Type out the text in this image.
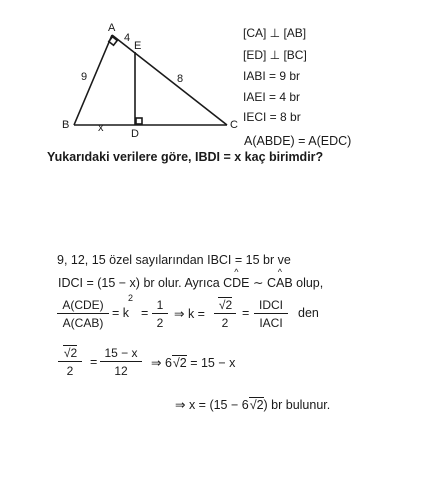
A
B	C
D
E
4
9	8
x
[CA] ⊥ [AB]
[ED] ⊥ [BC]
IABI = 9 br
IAEI = 4 br
IECI = 8 br
A(ABDE) = A(EDC)
Yukarıdaki verilere göre, IBDI = x kaç birimdir?
9, 12, 15 özel sayılarından IBCI = 15 br ve
IDCI = (15 − x) br olur. Ayrıca
^
CDE ∼
^
CAB olup,
A(CDE)
A(CAB)
= k
2
= $\frac{1}{2}$ ⇒ $k = \frac{√2}{2}$ =
IDCI
IACI
den
$\frac{√2}{2} = \frac{15 - x}{12}$ ⇒ 6√2 = 15 − x
⇒ x = (15 − 6√2) br bulunur.
